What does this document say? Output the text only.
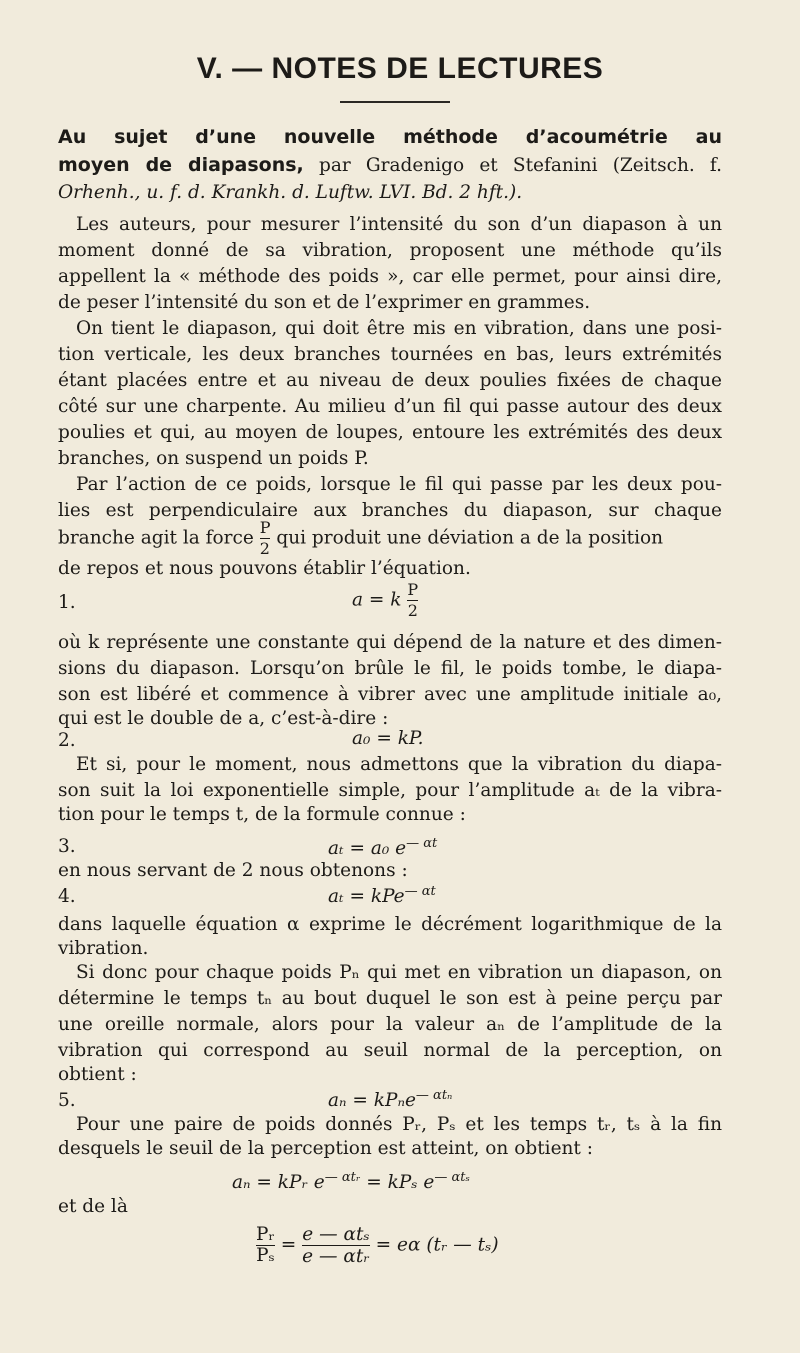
V. — NOTES DE LECTURES
Au sujet d’une nouvelle méthode d’acoumétrie au
moyen de diapasons, par Gradenigo et Stefanini (Zeitsch. f.
Orhenh., u. f. d. Krankh. d. Luftw. LVI. Bd. 2 hft.).
Les auteurs, pour mesurer l’intensité du son d’un diapason à un
moment donné de sa vibration, proposent une méthode qu’ils
appellent la « méthode des poids », car elle permet, pour ainsi dire,
de peser l’intensité du son et de l’exprimer en grammes.
On tient le diapason, qui doit être mis en vibration, dans une posi-
tion verticale, les deux branches tournées en bas, leurs extrémités
étant placées entre et au niveau de deux poulies fixées de chaque
côté sur une charpente. Au milieu d’un fil qui passe autour des deux
poulies et qui, au moyen de loupes, entoure les extrémités des deux
branches, on suspend un poids P.
Par l’action de ce poids, lorsque le fil qui passe par les deux pou-
lies est perpendiculaire aux branches du diapason, sur chaque
branche agit la force $\frac{P}{2}$ qui produit une déviation a de la position
de repos et nous pouvons établir l’équation.
1.	a = k $\frac{P}{2}$
où k représente une constante qui dépend de la nature et des dimen-
sions du diapason. Lorsqu’on brûle le fil, le poids tombe, le diapa-
son est libéré et commence à vibrer avec une amplitude initiale a₀,
qui est le double de a, c’est-à-dire :
2.	a₀ = kP.
Et si, pour le moment, nous admettons que la vibration du diapa-
son suit la loi exponentielle simple, pour l’amplitude aₜ de la vibra-
tion pour le temps t, de la formule connue :
3.	aₜ = a₀ $e^{— \alpha t}$
en nous servant de 2 nous obtenons :
4.	aₜ = kPe$^{— \alpha t}$
dans laquelle équation α exprime le décrément logarithmique de la
vibration.
Si donc pour chaque poids Pₙ qui met en vibration un diapason, on
détermine le temps tₙ au bout duquel le son est à peine perçu par
une oreille normale, alors pour la valeur aₙ de l’amplitude de la
vibration qui correspond au seuil normal de la perception, on
obtient :
5.	aₙ = kPₙe$^{— \alpha t_n}$
Pour une paire de poids donnés Pᵣ, Pₛ et les temps tᵣ, tₛ à la fin
desquels le seuil de la perception est atteint, on obtient :
aₙ = kPᵣ $e^{— \alpha tᵣ} = kP_s$ $e^{— \alpha t_s}$
et de là
$\frac{\text{Pᵣ}}{\text{Pₛ}} = \frac{\text{e — αtₛ}}{\text{e — αtᵣ}} = e\alpha$ (tᵣ — tₛ)
